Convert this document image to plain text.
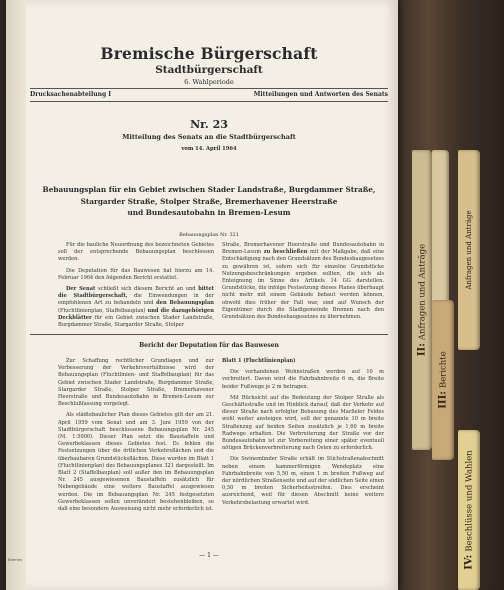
II:Anfragen und Anträge
III:Berichte
IV:Beschlüsse und Wahlen
Anfragen und Anträge
Bremische Bürgerschaft
Stadtbürgerschaft
6. Wahlperiode
Drucksachenabteilung I	Mitteilungen und Antworten des Senats
Nr. 23
Mitteilung des Senats an die Stadtbürgerschaft
vom 14. April 1964
Bebauungsplan für ein Gebiet zwischen Stader Landstraße, Burgdammer Straße,
Stargarder Straße, Stolper Straße, Bremerhavener Heerstraße
und Bundesautobahn in Bremen-Lesum
Bebauungsplan Nr. 321

Für die bauliche Neuordnung des bezeichneten Gebietes soll der entsprechende Bebauungsplan beschlossen werden.

Die Deputation für das Bauwesen hat hierzu am 14. Februar 1964 den folgenden Bericht erstattet.

Der Senat schließt sich diesem Bericht an und bittet die Stadtbürgerschaft, die Einwendungen in der empfohlenen Art zu behandeln und den Bebauungsplan (Fluchtlinienplan, Staffelbauplan) und die dazugehörigen Deckblätter für ein Gebiet zwischen Stader Landstraße, Burgdammer Straße, Stargarder Straße, Stolper

Straße, Bremerhavener Heerstraße und Bundesautobahn in Bremen-Lesum zu beschließen mit der Maßgabe, daß eine Entschädigung nach den Grundsätzen des Bundesbaugesetzes zu gewähren ist, sofern sich für einzelne Grundstücke Nutzungsbeschränkungen ergeben sollten, die sich als Enteignung im Sinne des Artikels 14 GG darstellen. Grundstücke, die infolge Festsetzung dieses Planes überhaupt nicht mehr mit einem Gebäude bebaut werden können, obwohl dies früher der Fall war, sind auf Wunsch der Eigentümer durch die Stadtgemeinde Bremen nach den Grundsätzen des Bundesbaugesetzes zu übernehmen.

Bericht der Deputation für das Bauwesen

Zur Schaffung rechtlicher Grundlagen und zur Verbesserung der Verkehrsverhältnisse wird der Bebauungsplan (Fluchtlinien- und Staffelbauplan) für das Gebiet zwischen Stader Landstraße, Burgdammer Straße, Stargarder Straße, Stolper Straße, Bremerhavener Heerstraße und Bundesautobahn in Bremen-Lesum zur Beschlußfassung vorgelegt.

Als städtebaulicher Plan dieses Gebietes gilt der am 21. April 1959 vom Senat und am 3. Juni 1959 von der Stadtbürgerschaft beschlossene Bebauungsplan Nr. 245 (M. 1:5000). Dieser Plan setzt die Baustaffeln und Gewerbeklassen dieses Gebietes fest. Es fehlen die Festsetzungen über die örtlichen Verkehrsflächen und die überbaubaren Grundstücksflächen. Diese wurden im Blatt 1 (Fluchtlinienplan) des Bebauungsplanes 321 dargestellt. Im Blatt 2 (Staffelbauplan) soll außer den im Bebauungsplan Nr. 245 ausgewiesenen Baustaffeln zusätzlich für Nebengebäude eine weitere Baustaffel ausgewiesen werden. Die im Bebauungsplan Nr. 245 festgesetzten Gewerbeklassen sollen unverändert bestehenbleiben, so daß eine besondere Ausweisung nicht mehr erforderlich ist.

Blatt 1 (Fluchtlinienplan)

Die vorhandenen Wohnstraßen werden auf 10 m verbreitert. Davon wird die Fahrbahnbreite 6 m, die Breite beider Fußwege je 2 m betragen.

Mit Rücksicht auf die Bedeutung der Stolper Straße als Geschäftsstraße und im Hinblick darauf, daß der Verkehr auf dieser Straße nach erfolgter Bebauung des Marßeler Feldes wohl weiter ansteigen wird, soll der genannte 10 m breite Straßenzug auf beiden Seiten zusätzlich je 1,60 m breite Radwege erhalten. Die Verbreiterung der Straße vor der Bundesautobahn ist zur Vorbereitung einer später eventuell nötigen Brückenverbreiterung nach Osten zu erforderlich.

Die Swinemünder Straße erhält im Stichstraßenabschnitt neben einem kammerförmigen Wendeplatz eine Fahrbahnbreite von 5,50 m, einen 1 m breiten Fußweg auf der nördlichen Straßenseite und auf der südlichen Seite einen 0,50 m breiten Sicherheitsstreifen. Dies erscheint ausreichend, weil für diesen Abschnitt keine weitere Verkehrsbelastung erwartet wird.

— 1 —
Bremen
